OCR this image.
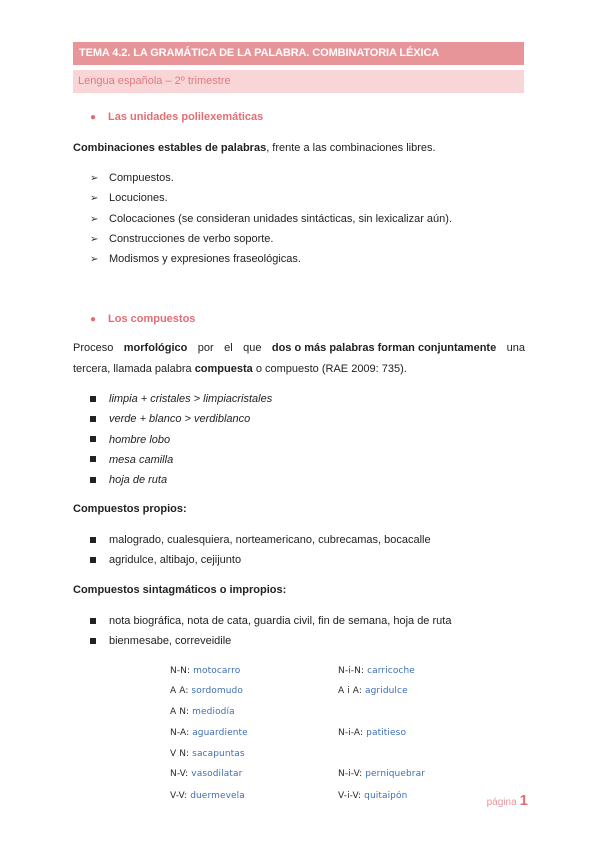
TEMA 4.2. LA GRAMÁTICA DE LA PALABRA. COMBINATORIA LÉXICA
Lengua española – 2º trimestre
● Las unidades polilexemáticas
Combinaciones estables de palabras, frente a las combinaciones libres.
➢ Compuestos.
➢ Locuciones.
➢ Colocaciones (se consideran unidades sintácticas, sin lexicalizar aún).
➢ Construcciones de verbo soporte.
➢ Modismos y expresiones fraseológicas.
● Los compuestos
Proceso morfológico por el que dos o más palabras forman conjuntamente una
tercera, llamada palabra compuesta o compuesto (RAE 2009: 735).
limpia + cristales > limpiacristales
verde + blanco > verdiblanco
hombre lobo
mesa camilla
hoja de ruta
Compuestos propios:
malogrado, cualesquiera, norteamericano, cubrecamas, bocacalle
agridulce, altibajo, cejijunto
Compuestos sintagmáticos o impropios:
nota biográfica, nota de cata, guardia civil, fin de semana, hoja de ruta
bienmesabe, correveidile
N-N: motocarro
A A: sordomudo
A N: mediodía
N-A: aguardiente
V N: sacapuntas
N-V: vasodilatar
V-V: duermevela
N-i-N: carricoche
A i A: agridulce
N-i-A: patitieso
N-i-V: perniquebrar
V-i-V: quitaipón
página 1
